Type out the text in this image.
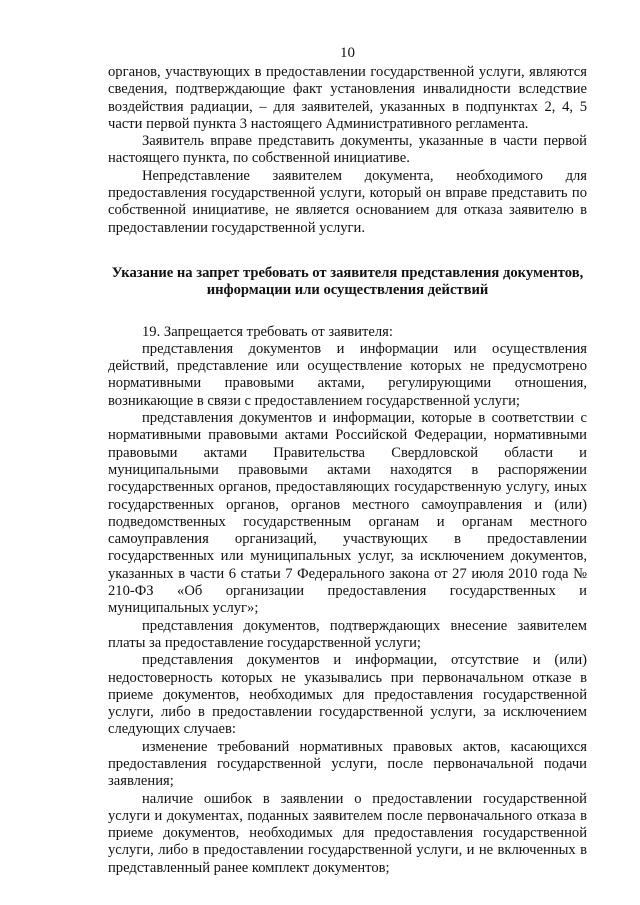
10

органов, участвующих в предоставлении государственной услуги, являются сведения, подтверждающие факт установления инвалидности вследствие воздействия радиации, – для заявителей, указанных в подпунктах 2, 4, 5 части первой пункта 3 настоящего Административного регламента.

Заявитель вправе представить документы, указанные в части первой настоящего пункта, по собственной инициативе.

Непредставление заявителем документа, необходимого для предоставления государственной услуги, который он вправе представить по собственной инициативе, не является основанием для отказа заявителю в предоставлении государственной услуги.

Указание на запрет требовать от заявителя представления документов, информации или осуществления действий

19. Запрещается требовать от заявителя:

представления документов и информации или осуществления действий, представление или осуществление которых не предусмотрено нормативными правовыми актами, регулирующими отношения, возникающие в связи с предоставлением государственной услуги;

представления документов и информации, которые в соответствии с нормативными правовыми актами Российской Федерации, нормативными правовыми актами Правительства Свердловской области и муниципальными правовыми актами находятся в распоряжении государственных органов, предоставляющих государственную услугу, иных государственных органов, органов местного самоуправления и (или) подведомственных государственным органам и органам местного самоуправления организаций, участвующих в предоставлении государственных или муниципальных услуг, за исключением документов, указанных в части 6 статьи 7 Федерального закона от 27 июля 2010 года № 210-ФЗ «Об организации предоставления государственных и муниципальных услуг»;

представления документов, подтверждающих внесение заявителем платы за предоставление государственной услуги;

представления документов и информации, отсутствие и (или) недостоверность которых не указывались при первоначальном отказе в приеме документов, необходимых для предоставления государственной услуги, либо в предоставлении государственной услуги, за исключением следующих случаев:

изменение требований нормативных правовых актов, касающихся предоставления государственной услуги, после первоначальной подачи заявления;

наличие ошибок в заявлении о предоставлении государственной услуги и документах, поданных заявителем после первоначального отказа в приеме документов, необходимых для предоставления государственной услуги, либо в предоставлении государственной услуги, и не включенных в представленный ранее комплект документов;
